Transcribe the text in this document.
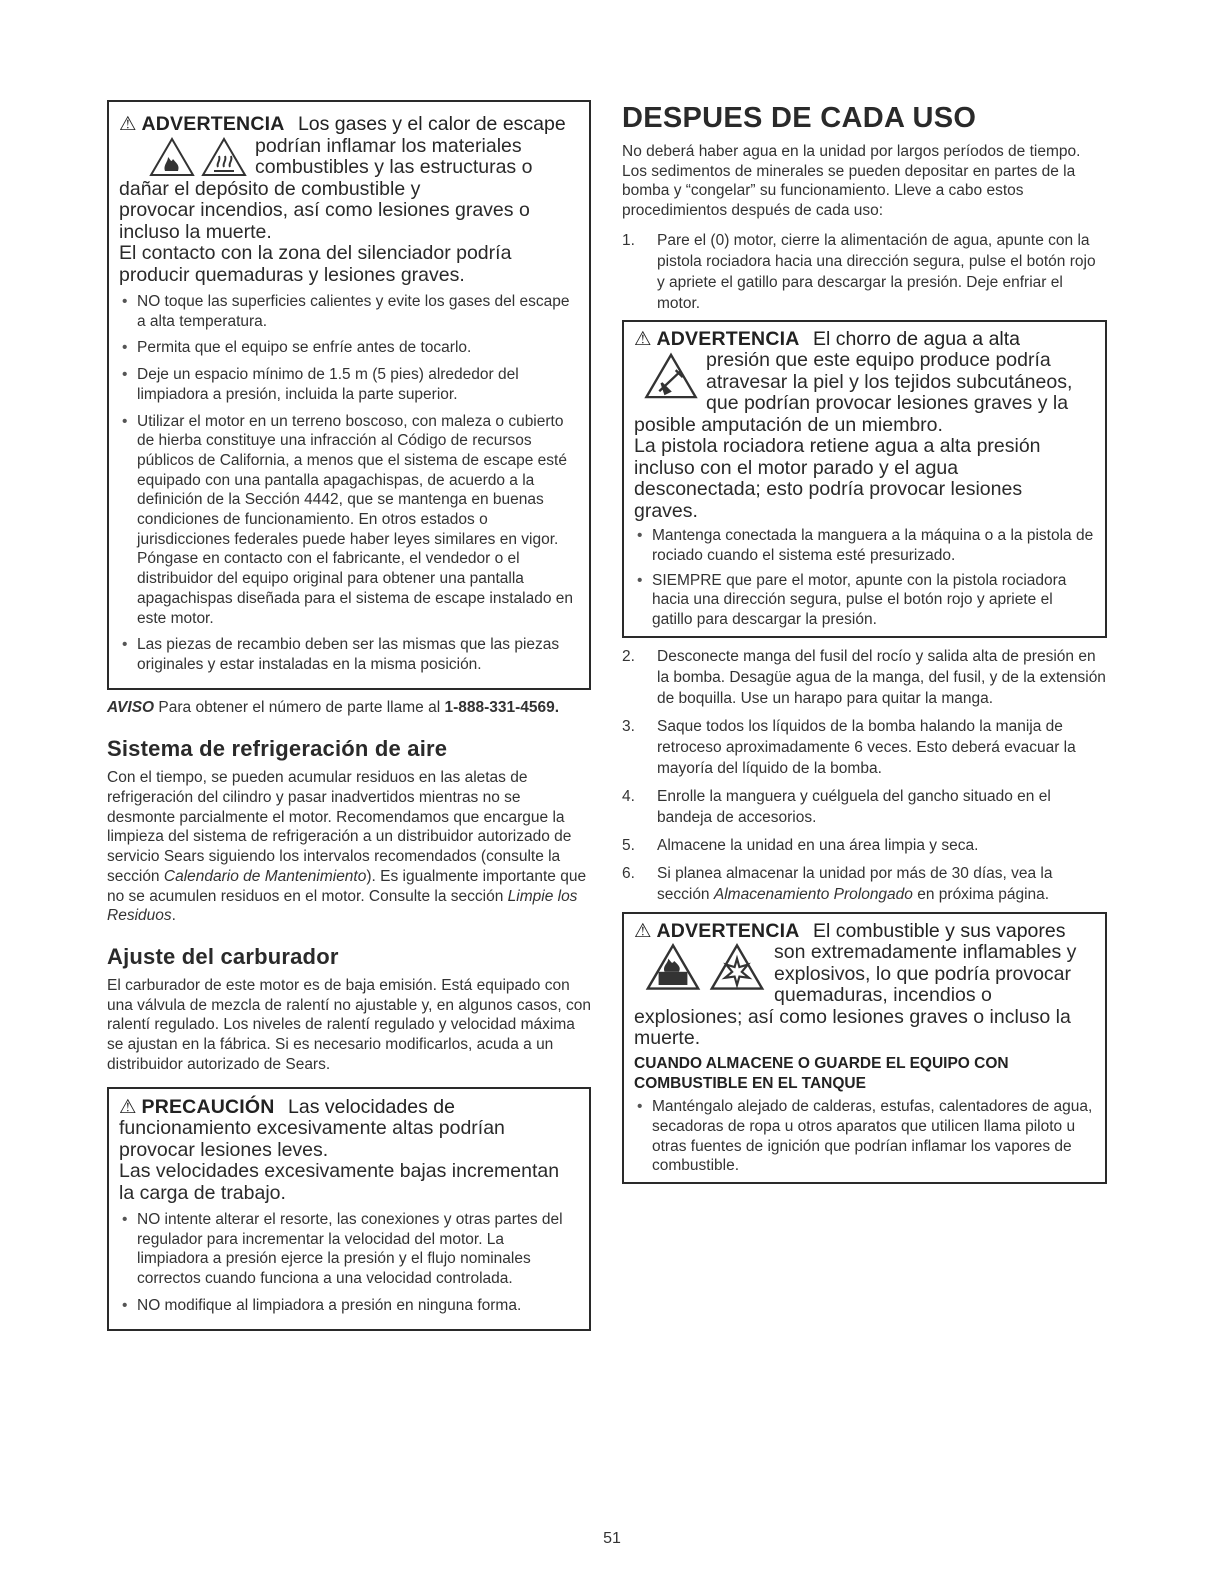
⚠ ADVERTENCIA Los gases y el calor de escape
podrían inflamar los materiales
combustibles y las estructuras o
dañar el depósito de combustible y
provocar incendios, así como lesiones graves o
incluso la muerte.
El contacto con la zona del silenciador podría
producir quemaduras y lesiones graves.
• NO toque las superficies calientes y evite los gases del escape a alta temperatura.
• Permita que el equipo se enfríe antes de tocarlo.
• Deje un espacio mínimo de 1.5 m (5 pies) alrededor del limpiadora a presión, incluida la parte superior.
• Utilizar el motor en un terreno boscoso, con maleza o cubierto de hierba constituye una infracción al Código de recursos públicos de California, a menos que el sistema de escape esté equipado con una pantalla apagachispas, de acuerdo a la definición de la Sección 4442, que se mantenga en buenas condiciones de funcionamiento. En otros estados o jurisdicciones federales puede haber leyes similares en vigor. Póngase en contacto con el fabricante, el vendedor o el distribuidor del equipo original para obtener una pantalla apagachispas diseñada para el sistema de escape instalado en este motor.
• Las piezas de recambio deben ser las mismas que las piezas originales y estar instaladas en la misma posición.

AVISO Para obtener el número de parte llame al 1-888-331-4569.

Sistema de refrigeración de aire

Con el tiempo, se pueden acumular residuos en las aletas de refrigeración del cilindro y pasar inadvertidos mientras no se desmonte parcialmente el motor. Recomendamos que encargue la limpieza del sistema de refrigeración a un distribuidor autorizado de servicio Sears siguiendo los intervalos recomendados (consulte la sección Calendario de Mantenimiento). Es igualmente importante que no se acumulen residuos en el motor. Consulte la sección Limpie los Residuos.

Ajuste del carburador

El carburador de este motor es de baja emisión. Está equipado con una válvula de mezcla de ralentí no ajustable y, en algunos casos, con ralentí regulado. Los niveles de ralentí regulado y velocidad máxima se ajustan en la fábrica. Si es necesario modificarlos, acuda a un distribuidor autorizado de Sears.

⚠ PRECAUCIÓN Las velocidades de
funcionamiento excesivamente altas podrían
provocar lesiones leves.
Las velocidades excesivamente bajas incrementan
la carga de trabajo.
• NO intente alterar el resorte, las conexiones y otras partes del regulador para incrementar la velocidad del motor. La limpiadora a presión ejerce la presión y el flujo nominales correctos cuando funciona a una velocidad controlada.
• NO modifique al limpiadora a presión en ninguna forma.
DESPUES DE CADA USO

No deberá haber agua en la unidad por largos períodos de tiempo. Los sedimentos de minerales se pueden depositar en partes de la bomba y “congelar” su funcionamiento. Lleve a cabo estos procedimientos después de cada uso:

1. Pare el (0) motor, cierre la alimentación de agua, apunte con la pistola rociadora hacia una dirección segura, pulse el botón rojo y apriete el gatillo para descargar la presión. Deje enfriar el motor.
⚠ ADVERTENCIA El chorro de agua a alta
presión que este equipo produce podría
atravesar la piel y los tejidos subcutáneos,
que podrían provocar lesiones graves y la
posible amputación de un miembro.
La pistola rociadora retiene agua a alta presión
incluso con el motor parado y el agua
desconectada; esto podría provocar lesiones
graves.
• Mantenga conectada la manguera a la máquina o a la pistola de rociado cuando el sistema esté presurizado.
• SIEMPRE que pare el motor, apunte con la pistola rociadora hacia una dirección segura, pulse el botón rojo y apriete el gatillo para descargar la presión.
2. Desconecte manga del fusil del rocío y salida alta de presión en la bomba. Desagüe agua de la manga, del fusil, y de la extensión de boquilla. Use un harapo para quitar la manga.
3. Saque todos los líquidos de la bomba halando la manija de retroceso aproximadamente 6 veces. Esto deberá evacuar la mayoría del líquido de la bomba.
4. Enrolle la manguera y cuélguela del gancho situado en el bandeja de accesorios.
5. Almacene la unidad en una área limpia y seca.
6. Si planea almacenar la unidad por más de 30 días, vea la sección Almacenamiento Prolongado en próxima página.
⚠ ADVERTENCIA El combustible y sus vapores
son extremadamente inflamables y
explosivos, lo que podría provocar
quemaduras, incendios o
explosiones; así como lesiones graves o incluso la
muerte.
CUANDO ALMACENE O GUARDE EL EQUIPO CON COMBUSTIBLE EN EL TANQUE
• Manténgalo alejado de calderas, estufas, calentadores de agua, secadoras de ropa u otros aparatos que utilicen llama piloto u otras fuentes de ignición que podrían inflamar los vapores de combustible.
51
